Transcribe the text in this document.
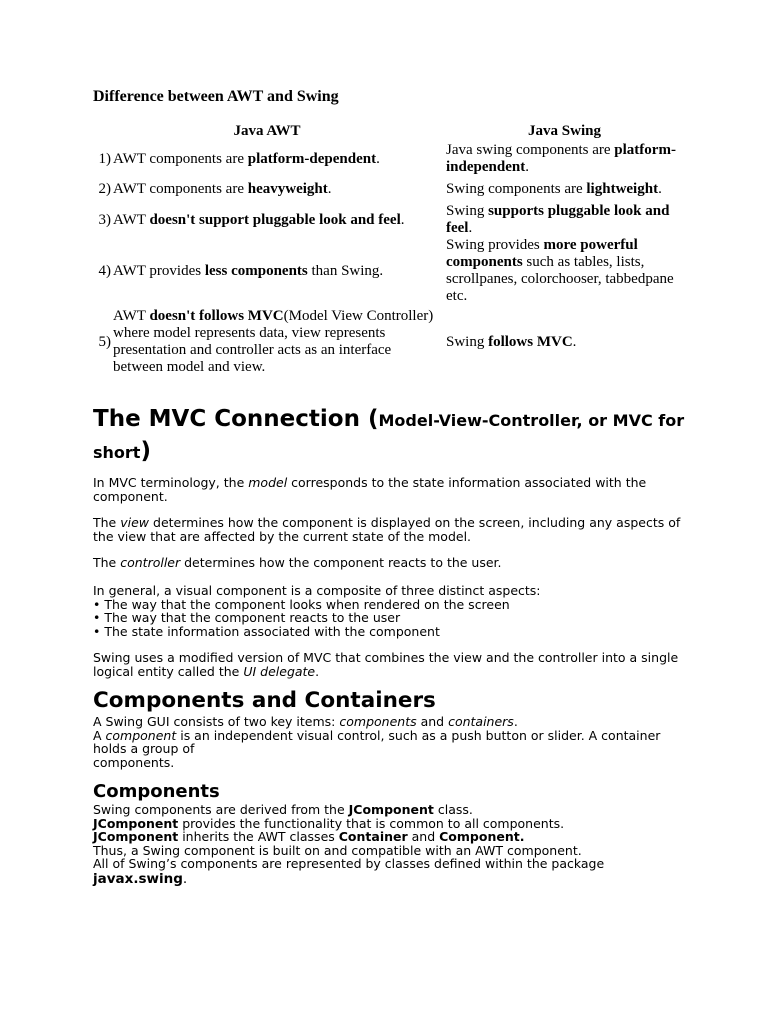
Difference between AWT and Swing
Java AWT		Java Swing
1)	AWT components are platform-dependent.	Java swing components are platform-independent.
2)	AWT components are heavyweight.	Swing components are lightweight.
3)	AWT doesn't support pluggable look and feel.	Swing supports pluggable look and feel.
4)	AWT provides less components than Swing.	Swing provides more powerful components such as tables, lists, scrollpanes, colorchooser, tabbedpane etc.
5)	AWT doesn't follows MVC(Model View Controller) where model represents data, view represents presentation and controller acts as an interface between model and view.	Swing follows MVC.
The MVC Connection (Model-View-Controller, or MVC for short)
In MVC terminology, the model corresponds to the state information associated with the component.
The view determines how the component is displayed on the screen, including any aspects of the view that are affected by the current state of the model.
The controller determines how the component reacts to the user.
In general, a visual component is a composite of three distinct aspects:
• The way that the component looks when rendered on the screen
• The way that the component reacts to the user
• The state information associated with the component
Swing uses a modified version of MVC that combines the view and the controller into a single logical entity called the UI delegate.
Components and Containers
A Swing GUI consists of two key items: components and containers.
A component is an independent visual control, such as a push button or slider. A container holds a group of
components.
Components
Swing components are derived from the JComponent class.
JComponent provides the functionality that is common to all components.
JComponent inherits the AWT classes Container and Component.
Thus, a Swing component is built on and compatible with an AWT component.
All of Swing’s components are represented by classes defined within the package
javax.swing.
